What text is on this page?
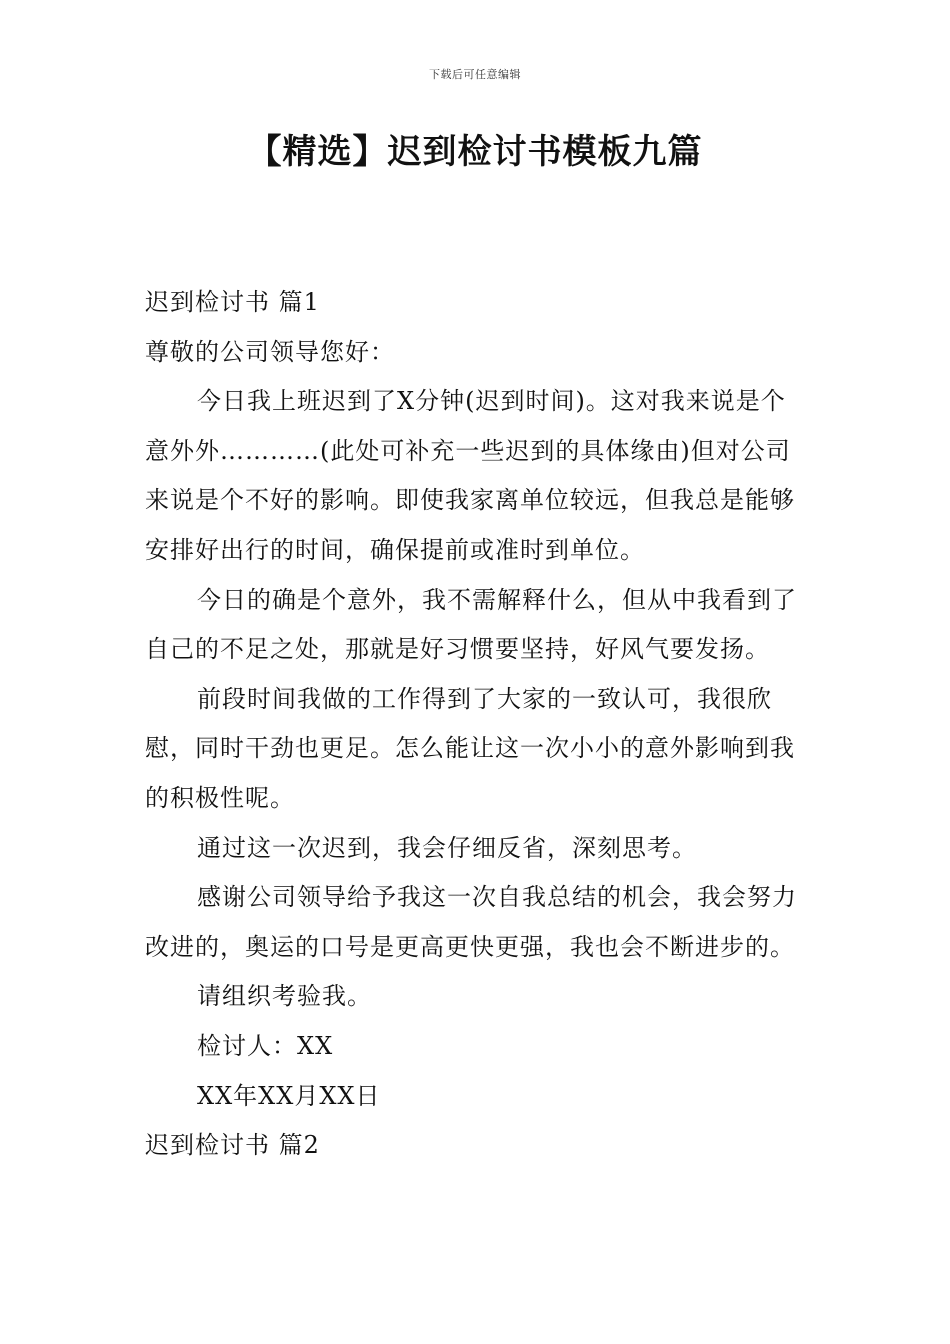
下载后可任意编辑
【精选】迟到检讨书模板九篇

迟到检讨书 篇1

尊敬的公司领导您好：

今日我上班迟到了X分钟(迟到时间)。这对我来说是个意外外…………(此处可补充一些迟到的具体缘由)但对公司来说是个不好的影响。即使我家离单位较远，但我总是能够安排好出行的时间，确保提前或准时到单位。

今日的确是个意外，我不需解释什么，但从中我看到了自己的不足之处，那就是好习惯要坚持，好风气要发扬。

前段时间我做的工作得到了大家的一致认可，我很欣慰，同时干劲也更足。怎么能让这一次小小的意外影响到我的积极性呢。

通过这一次迟到，我会仔细反省，深刻思考。

感谢公司领导给予我这一次自我总结的机会，我会努力改进的，奥运的口号是更高更快更强，我也会不断进步的。

请组织考验我。

检讨人：XX

XX年XX月XX日

迟到检讨书 篇2
